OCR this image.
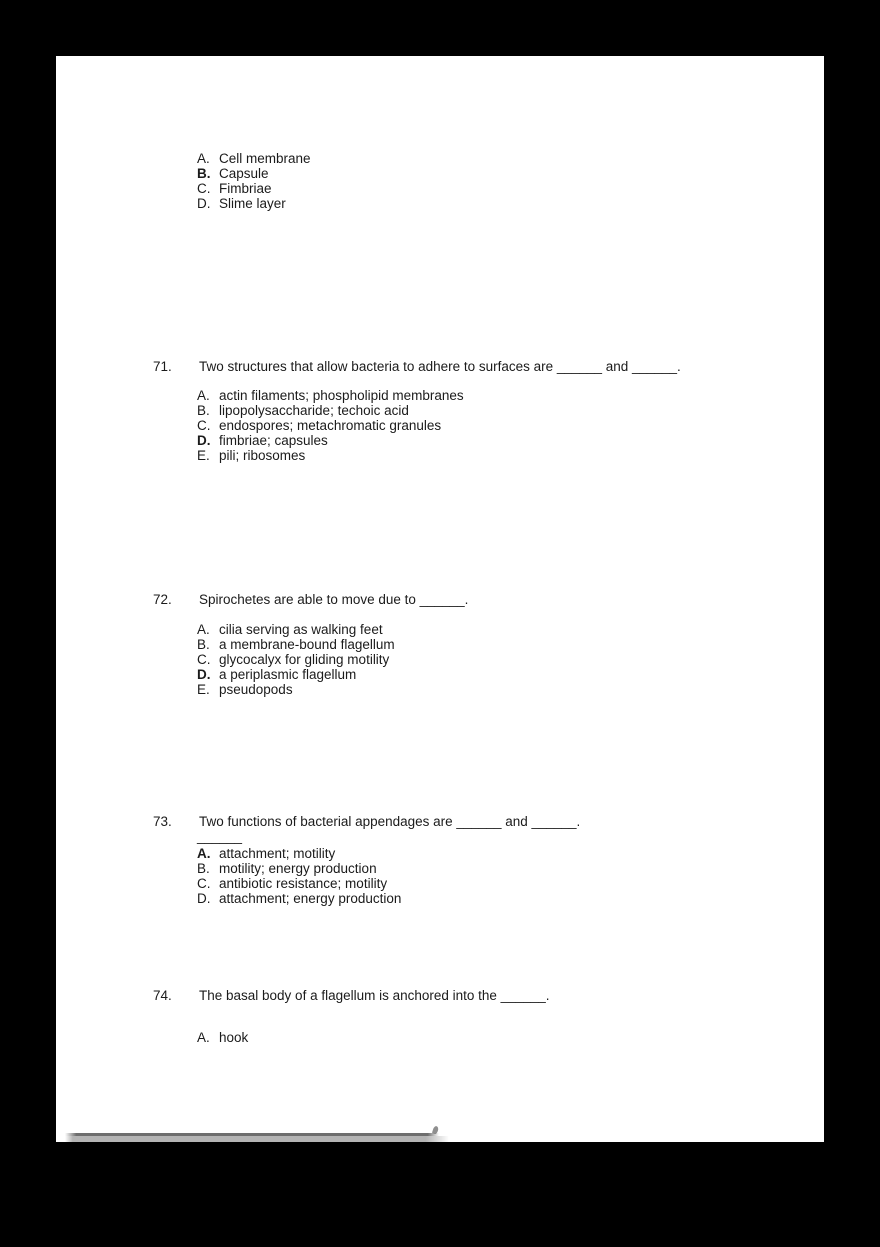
A. Cell membrane
B. Capsule
C. Fimbriae
D. Slime layer
71.	Two structures that allow bacteria to adhere to surfaces are ______ and ______.
A. actin filaments; phospholipid membranes
B. lipopolysaccharide; techoic acid
C. endospores; metachromatic granules
D. fimbriae; capsules
E. pili; ribosomes
72.	Spirochetes are able to move due to ______.
A. cilia serving as walking feet
B. a membrane-bound flagellum
C. glycocalyx for gliding motility
D. a periplasmic flagellum
E. pseudopods
73.	Two functions of bacterial appendages are ______ and ______.
______
A. attachment; motility
B. motility; energy production
C. antibiotic resistance; motility
D. attachment; energy production
74.	The basal body of a flagellum is anchored into the ______.
A. hook
